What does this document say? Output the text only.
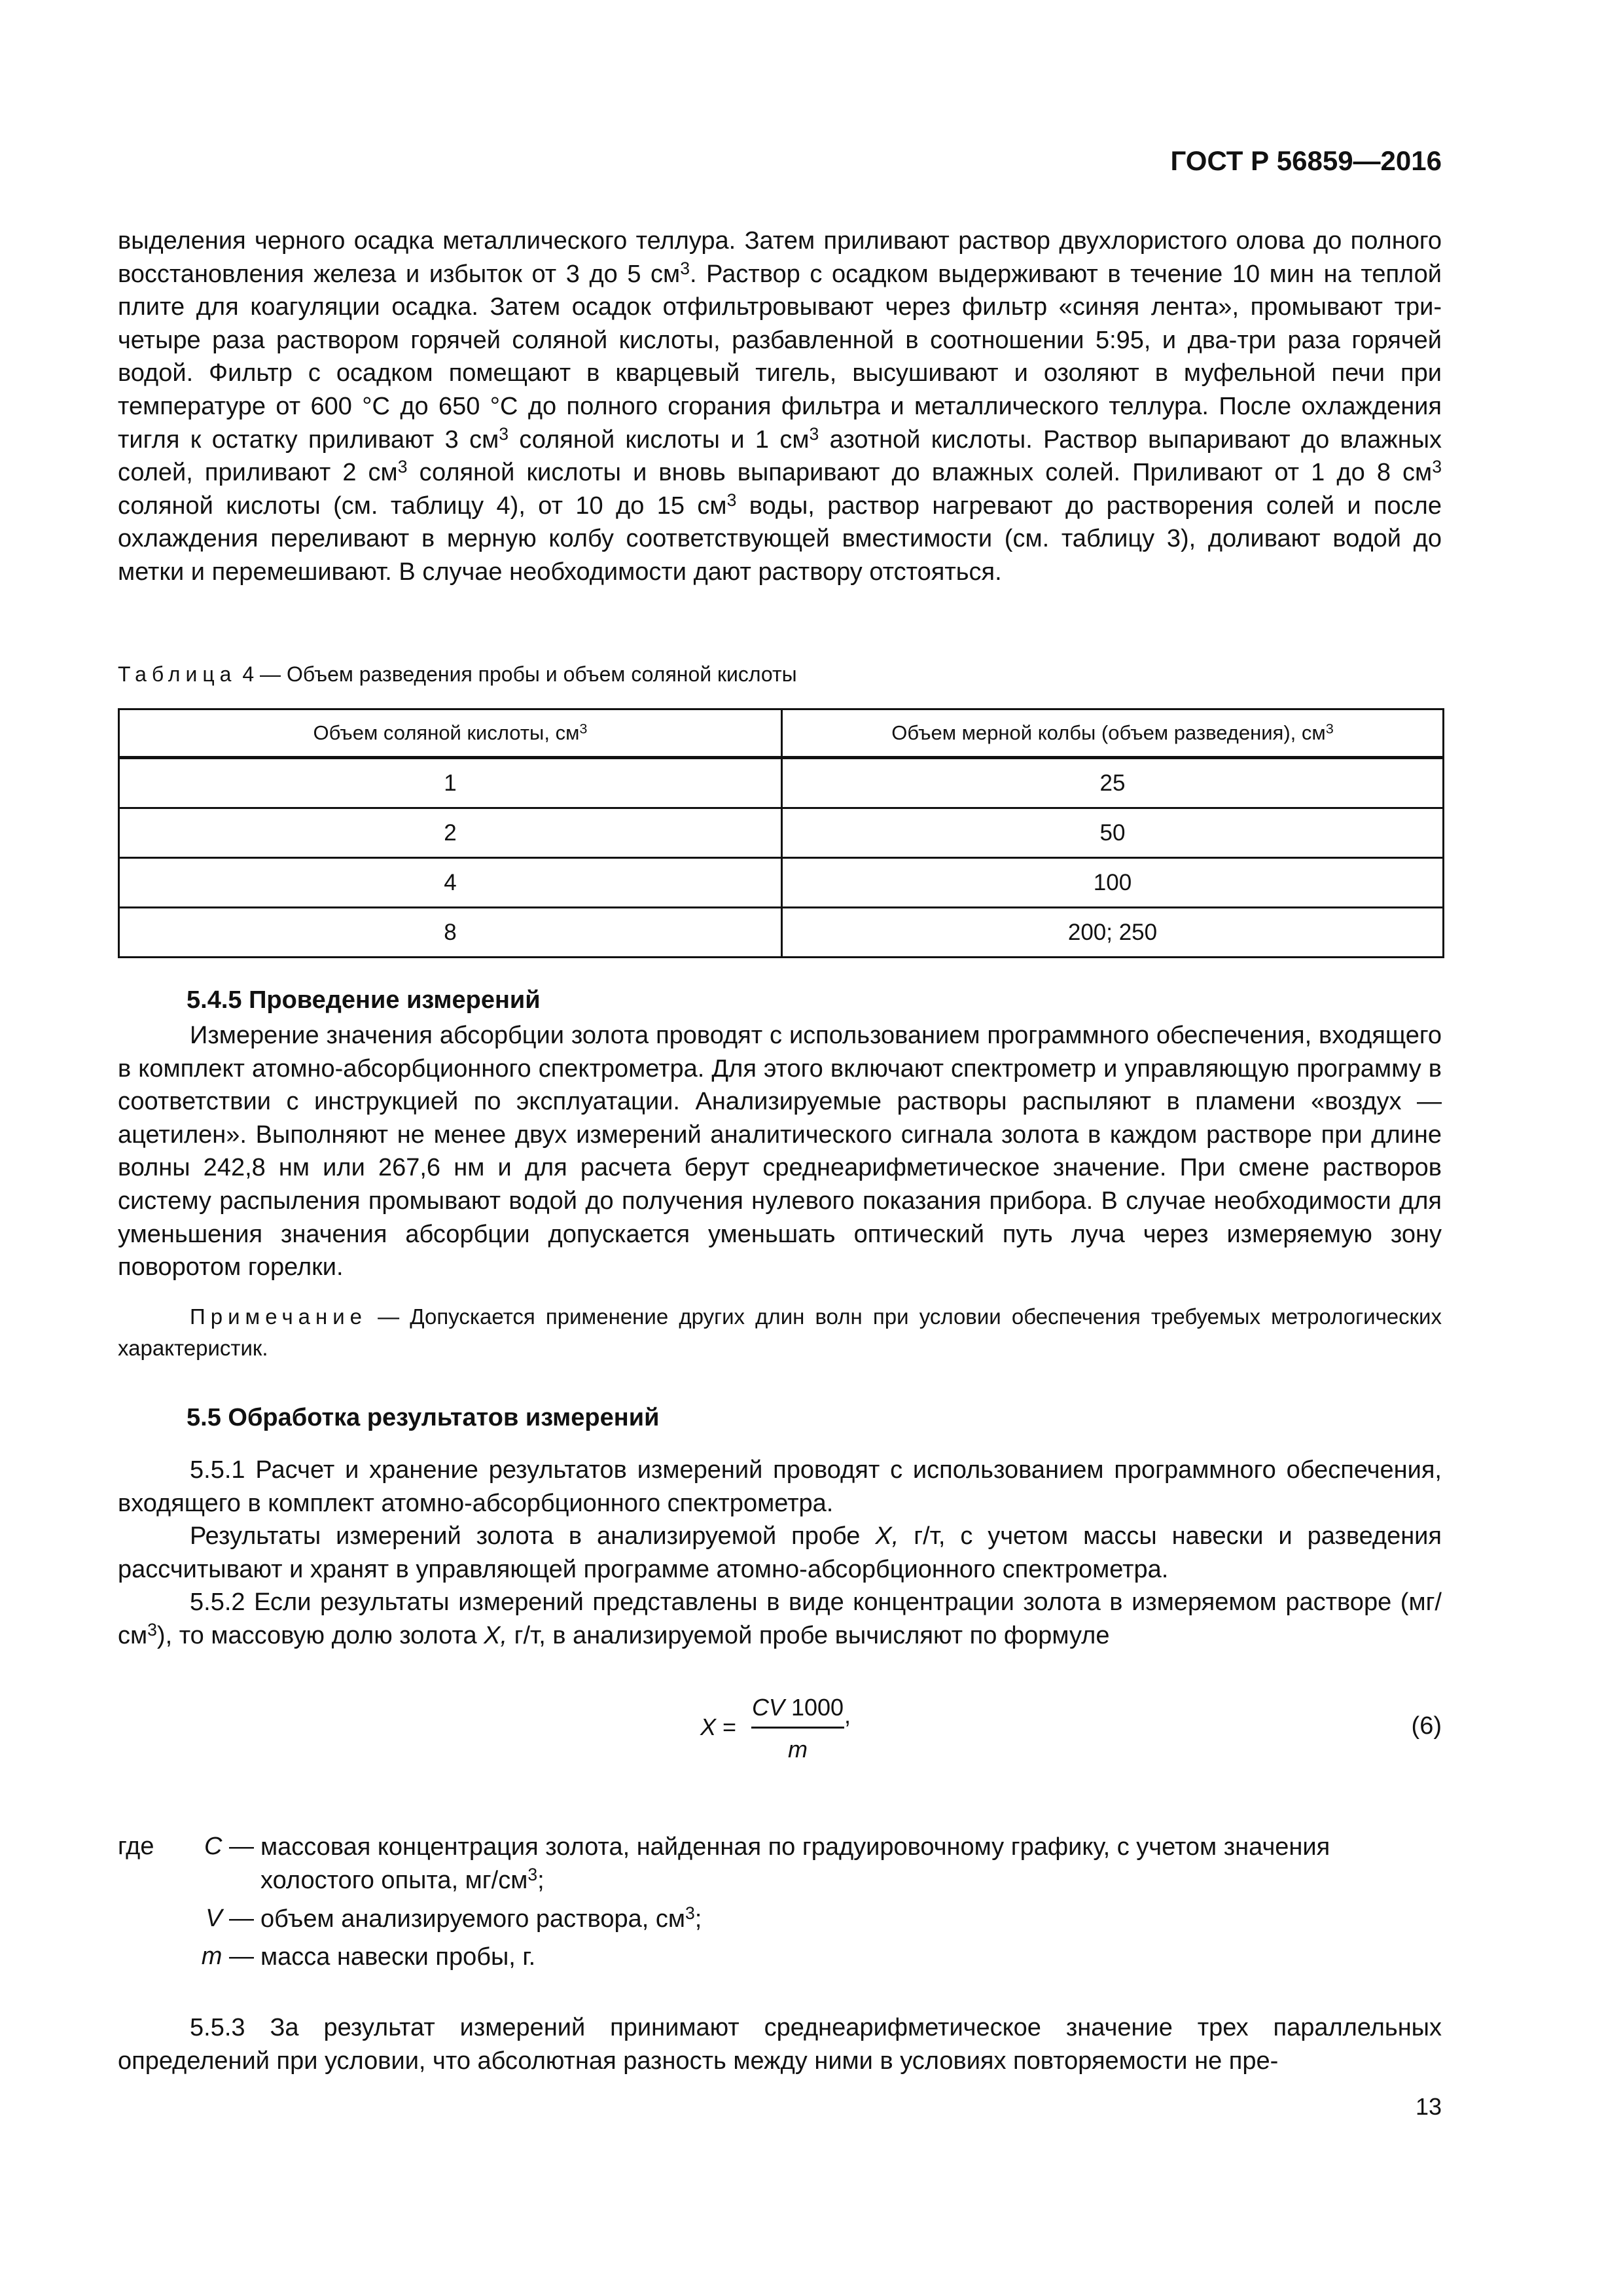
ГОСТ Р 56859—2016

выделения черного осадка металлического теллура. Затем приливают раствор двухлористого олова до полного восстановления железа и избыток от 3 до 5 $см^3$. Раствор с осадком выдерживают в течение 10 мин на теплой плите для коагуляции осадка. Затем осадок отфильтровывают через фильтр «синяя лента», промывают три-четыре раза раствором горячей соляной кислоты, разбавленной в соотношении 5:95, и два-три раза горячей водой. Фильтр с осадком помещают в кварцевый тигель, высушивают и озоляют в муфельной печи при температуре от 600 °С до 650 °С до полного сгорания фильтра и металлического теллура. После охлаждения тигля к остатку приливают 3 $см^3$ соляной кислоты и 1 $см^3$ азотной кислоты. Раствор выпаривают до влажных солей, приливают 2 $см^3$ соляной кислоты и вновь выпаривают до влажных солей. Приливают от 1 до 8 $см^3$ соляной кислоты (см. таблицу 4), от 10 до 15 $см^3$ воды, раствор нагревают до растворения солей и после охлаждения переливают в мерную колбу соответствующей вместимости (см. таблицу 3), доливают водой до метки и перемешивают. В случае необходимости дают раствору отстояться.

Таблица 4 — Объем разведения пробы и объем соляной кислоты
Объем соляной кислоты, $см^3$	Объем мерной колбы (объем разведения), $см^3$
1	25
2	50
4	100
8	200; 250
5.4.5 Проведение измерений

Измерение значения абсорбции золота проводят с использованием программного обеспечения, входящего в комплект атомно-абсорбционного спектрометра. Для этого включают спектрометр и управляющую программу в соответствии с инструкцией по эксплуатации. Анализируемые растворы распыляют в пламени «воздух — ацетилен». Выполняют не менее двух измерений аналитического сигнала золота в каждом растворе при длине волны 242,8 нм или 267,6 нм и для расчета берут среднеарифметическое значение. При смене растворов систему распыления промывают водой до получения нулевого показания прибора. В случае необходимости для уменьшения значения абсорбции допускается уменьшать оптический путь луча через измеряемую зону поворотом горелки.

Примечание — Допускается применение других длин волн при условии обеспечения требуемых метрологических характеристик.
5.5 Обработка результатов измерений

5.5.1 Расчет и хранение результатов измерений проводят с использованием программного обеспечения, входящего в комплект атомно-абсорбционного спектрометра.

Результаты измерений золота в анализируемой пробе X, г/т, с учетом массы навески и разведения рассчитывают и хранят в управляющей программе атомно-абсорбционного спектрометра.

5.5.2 Если результаты измерений представлены в виде концентрации золота в измеряемом растворе $(мг/см^3)$, то массовую долю золота X, г/т, в анализируемой пробе вычисляют по формуле

X =
CV 1000
m
,	(6)
где	C — массовая концентрация золота, найденная по градуировочному графику, с учетом значения холостого опыта, $мг/см^3$;
V — объем анализируемого раствора, $см^3$;
m — масса навески пробы, г.

5.5.3 За результат измерений принимают среднеарифметическое значение трех параллельных определений при условии, что абсолютная разность между ними в условиях повторяемости не пре-

13
